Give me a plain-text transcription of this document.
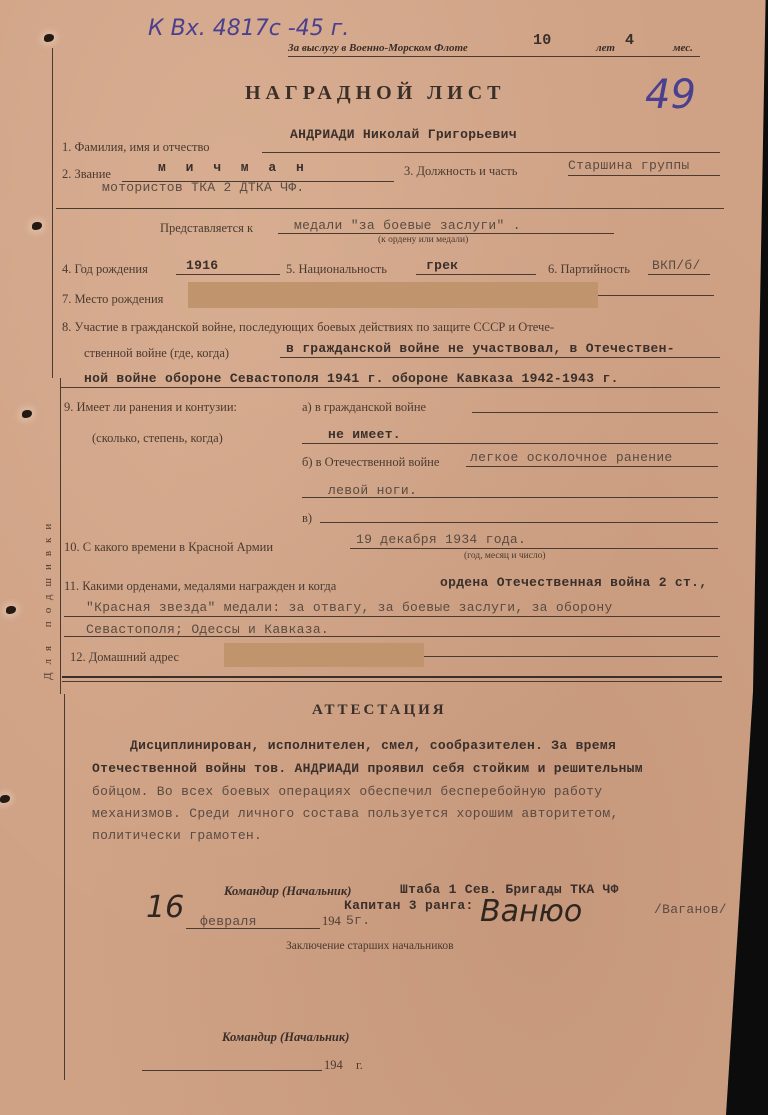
Для подшивки
К Вх. 4817с -45 г.
За выслугу в Военно-Морском Флоте	10	лет 4	мес.
НАГРАДНОЙ ЛИСТ	49
АНДРИАДИ Николай Григорьевич
1. Фамилия, имя и отчество
м и ч м а н
2. Звание	3. Должность и часть	Старшина группы
мотористов ТКА 2 ДТКА ЧФ.
Представляется к	медали "за боевые заслуги" .
(к ордену или медали)
4. Год рождения	1916	5. Национальность	грек	6. Партийность ВКП/б/
7. Место рождения
8. Участие в гражданской войне, последующих боевых действиях по защите СССР и Отече-
ственной войне (где, когда)	в гражданской войне не участвовал, в Отечествен-
ной войне обороне Севастополя 1941 г. обороне Кавказа 1942-1943 г.
9. Имеет ли ранения и контузии:	а) в гражданской войне
(сколько, степень, когда)	не имеет.
б) в Отечественной войне легкое осколочное ранение
левой ноги.
в)
10. С какого времени в Красной Армии	19 декабря 1934 года.
(год, месяц и число)
11. Какими орденами, медалями награжден и когда	ордена Отечественная война 2 ст.,
"Красная звезда" медали: за отвагу, за боевые заслуги, за оборону
Севастополя; Одессы и Кавказа.
12. Домашний адрес
АТТЕСТАЦИЯ
Дисциплинирован, исполнителен, смел, сообразителен. За время
Отечественной войны тов. АНДРИАДИ проявил себя стойким и решительным
бойцом. Во всех боевых операциях обеспечил бесперебойную работу
механизмов. Среди личного состава пользуется хорошим авторитетом,
политически грамотен.
Командир (Начальник)	Штаба 1 Сев. Бригады ТКА ЧФ
Капитан 3 ранга: Ванюо	/Ваганов/
16 февраля	194 5г.
Заключение старших начальников
Командир (Начальник)
194 г.
